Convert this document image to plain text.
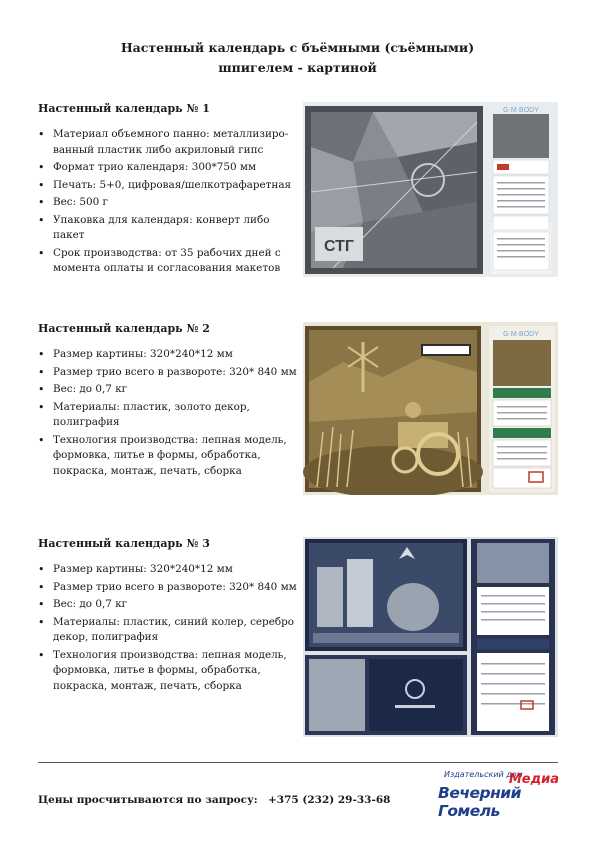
Настенный календарь с бъёмными (съёмными)
шпигелем - картиной
Настенный календарь № 1
• Материал объемного панно: металлизиро-ванный пластик либо акриловый гипс
• Формат трио календаря: 300*750 мм
• Печать: 5+0, цифровая/шелкотрафаретная
• Вес: 500 г
• Упаковка для календаря: конверт либо пакет
• Срок производства: от 35 рабочих дней с момента оплаты и согласования макетов
СТГ
G·M·BODY
Настенный календарь № 2
• Размер картины: 320*240*12 мм
• Размер трио всего в развороте: 320* 840 мм
• Вес: до 0,7 кг
• Материалы: пластик, золото декор, полиграфия
• Технология производства: лепная модель, формовка, литье в формы, обработка, покраска, монтаж, печать, сборка
G·M·BODY
Настенный календарь № 3
• Размер картины: 320*240*12 мм
• Размер трио всего в развороте: 320* 840 мм
• Вес: до 0,7 кг
• Материалы: пластик, синий колер, серебро декор, полиграфия
• Технология производства: лепная модель, формовка, литье в формы, обработка, покраска, монтаж, печать, сборка
Цены просчитываются по запросу: +375 (232) 29-33-68
Издательский дом
Медиа
Вечерний Гомель
